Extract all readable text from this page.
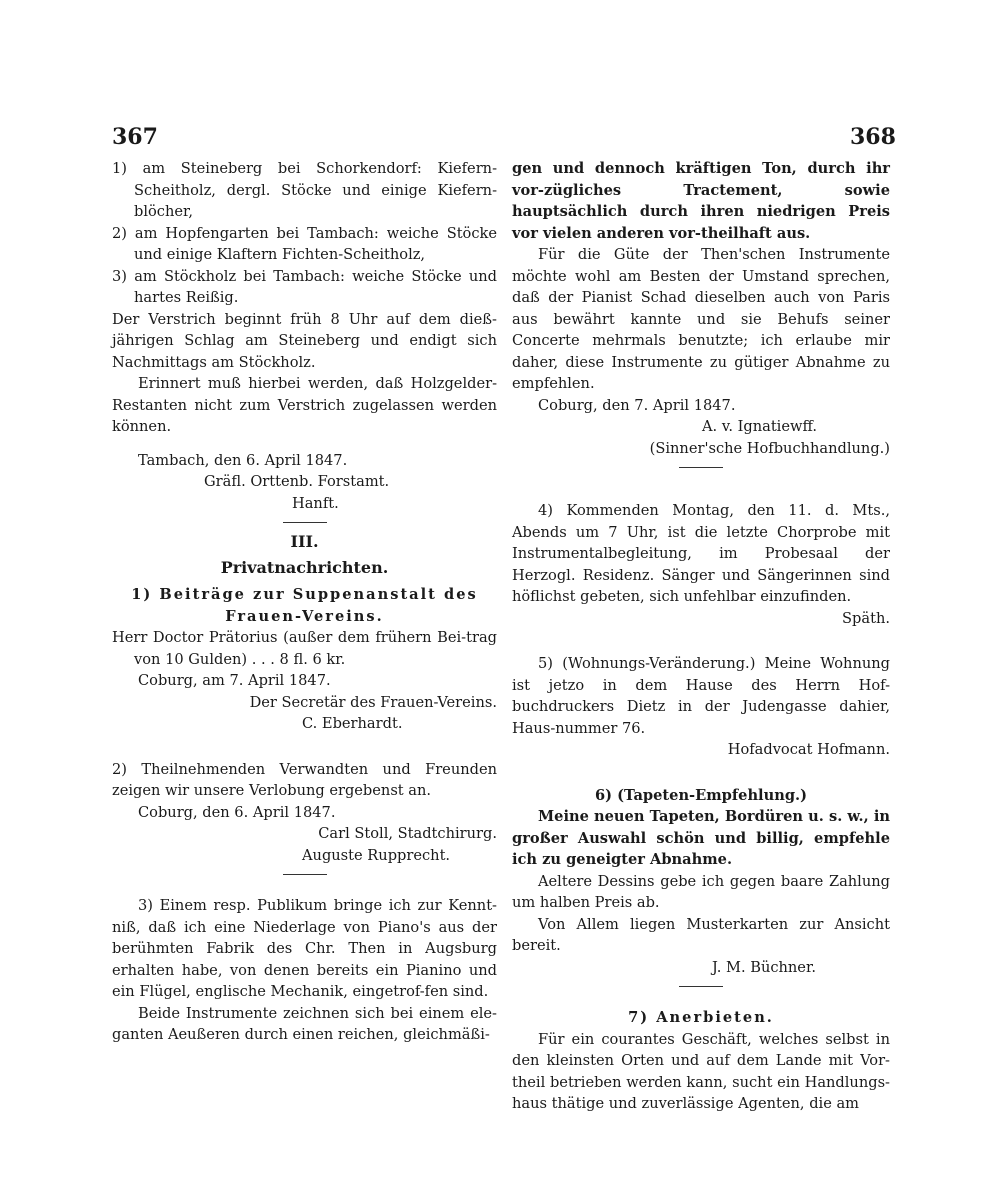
367	368

1) am Steineberg bei Schorkendorf: Kiefern-Scheitholz, dergl. Stöcke und einige Kiefern-blöcher,

2) am Hopfengarten bei Tambach: weiche Stöcke und einige Klaftern Fichten-Scheitholz,

3) am Stöckholz bei Tambach: weiche Stöcke und hartes Reißig.

Der Verstrich beginnt früh 8 Uhr auf dem dieß-jährigen Schlag am Steineberg und endigt sich Nachmittags am Stöckholz.

Erinnert muß hierbei werden, daß Holzgelder-Restanten nicht zum Verstrich zugelassen werden können.

Tambach, den 6. April 1847.

Gräfl. Orttenb. Forstamt.

Hanft.

III.

Privatnachrichten.

1) Beiträge zur Suppenanstalt des Frauen-Vereins.

Herr Doctor Prätorius (außer dem frühern Bei-trag von 10 Gulden) . . . 8 fl. 6 kr.

Coburg, am 7. April 1847.

Der Secretär des Frauen-Vereins.

C. Eberhardt.

2) Theilnehmenden Verwandten und Freunden zeigen wir unsere Verlobung ergebenst an.

Coburg, den 6. April 1847.

Carl Stoll, Stadtchirurg.

Auguste Rupprecht.

3) Einem resp. Publikum bringe ich zur Kennt-niß, daß ich eine Niederlage von Piano's aus der berühmten Fabrik des Chr. Then in Augsburg erhalten habe, von denen bereits ein Pianino und ein Flügel, englische Mechanik, eingetrof-fen sind.

Beide Instrumente zeichnen sich bei einem ele-ganten Aeußeren durch einen reichen, gleichmäßi-

gen und dennoch kräftigen Ton, durch ihr vor-zügliches Tractement, sowie hauptsächlich durch ihren niedrigen Preis vor vielen anderen vor-theilhaft aus.

Für die Güte der Then'schen Instrumente möchte wohl am Besten der Umstand sprechen, daß der Pianist Schad dieselben auch von Paris aus bewährt kannte und sie Behufs seiner Concerte mehrmals benutzte; ich erlaube mir daher, diese Instrumente zu gütiger Abnahme zu empfehlen.

Coburg, den 7. April 1847.

A. v. Ignatiewff.

(Sinner'sche Hofbuchhandlung.)

4) Kommenden Montag, den 11. d. Mts., Abends um 7 Uhr, ist die letzte Chorprobe mit Instrumentalbegleitung, im Probesaal der Herzogl. Residenz. Sänger und Sängerinnen sind höflichst gebeten, sich unfehlbar einzufinden.

Späth.

5) (Wohnungs-Veränderung.) Meine Wohnung ist jetzo in dem Hause des Herrn Hof-buchdruckers Dietz in der Judengasse dahier, Haus-nummer 76.

Hofadvocat Hofmann.

6) (Tapeten-Empfehlung.)

Meine neuen Tapeten, Bordüren u. s. w., in großer Auswahl schön und billig, empfehle ich zu geneigter Abnahme.

Aeltere Dessins gebe ich gegen baare Zahlung um halben Preis ab.

Von Allem liegen Musterkarten zur Ansicht bereit.

J. M. Büchner.

7) Anerbieten.

Für ein courantes Geschäft, welches selbst in den kleinsten Orten und auf dem Lande mit Vor-theil betrieben werden kann, sucht ein Handlungs-haus thätige und zuverlässige Agenten, die am
